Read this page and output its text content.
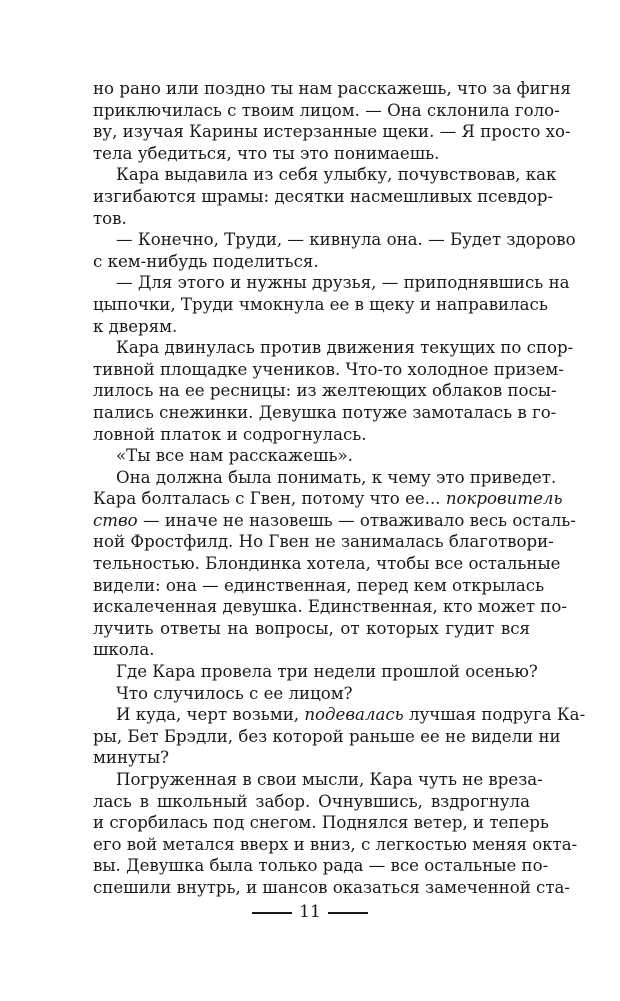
но рано или поздно ты нам расскажешь, что за фигня
приключилась с твоим лицом. — Она склонила голо-
ву, изучая Карины истерзанные щеки. — Я просто хо-
тела убедиться, что ты это понимаешь.
Кара выдавила из себя улыбку, почувствовав, как
изгибаются шрамы: десятки насмешливых псевдор-
тов.
— Конечно, Труди, — кивнула она. — Будет здорово
с кем-нибудь поделиться.
— Для этого и нужны друзья, — приподнявшись на
цыпочки, Труди чмокнула ее в щеку и направилась
к дверям.
Кара двинулась против движения текущих по спор-
тивной площадке учеников. Что-то холодное призем-
лилось на ее ресницы: из желтеющих облаков посы-
пались снежинки. Девушка потуже замоталась в го-
ловной платок и содрогнулась.
«Ты все нам расскажешь».
Она должна была понимать, к чему это приведет.
Кара болталась с Гвен, потому что ее... покровитель
ство — иначе не назовешь — отваживало весь осталь-
ной Фростфилд. Но Гвен не занималась благотвори-
тельностью. Блондинка хотела, чтобы все остальные
видели: она — единственная, перед кем открылась
искалеченная девушка. Единственная, кто может по-
лучить ответы на вопросы, от которых гудит вся
школа.
Где Кара провела три недели прошлой осенью?
Что случилось с ее лицом?
И куда, черт возьми, подевалась лучшая подруга Ка-
ры, Бет Брэдли, без которой раньше ее не видели ни
минуты?
Погруженная в свои мысли, Кара чуть не вреза-
лась в школьный забор. Очнувшись, вздрогнула
и сгорбилась под снегом. Поднялся ветер, и теперь
его вой метался вверх и вниз, с легкостью меняя окта-
вы. Девушка была только рада — все остальные по-
спешили внутрь, и шансов оказаться замеченной ста-
11
